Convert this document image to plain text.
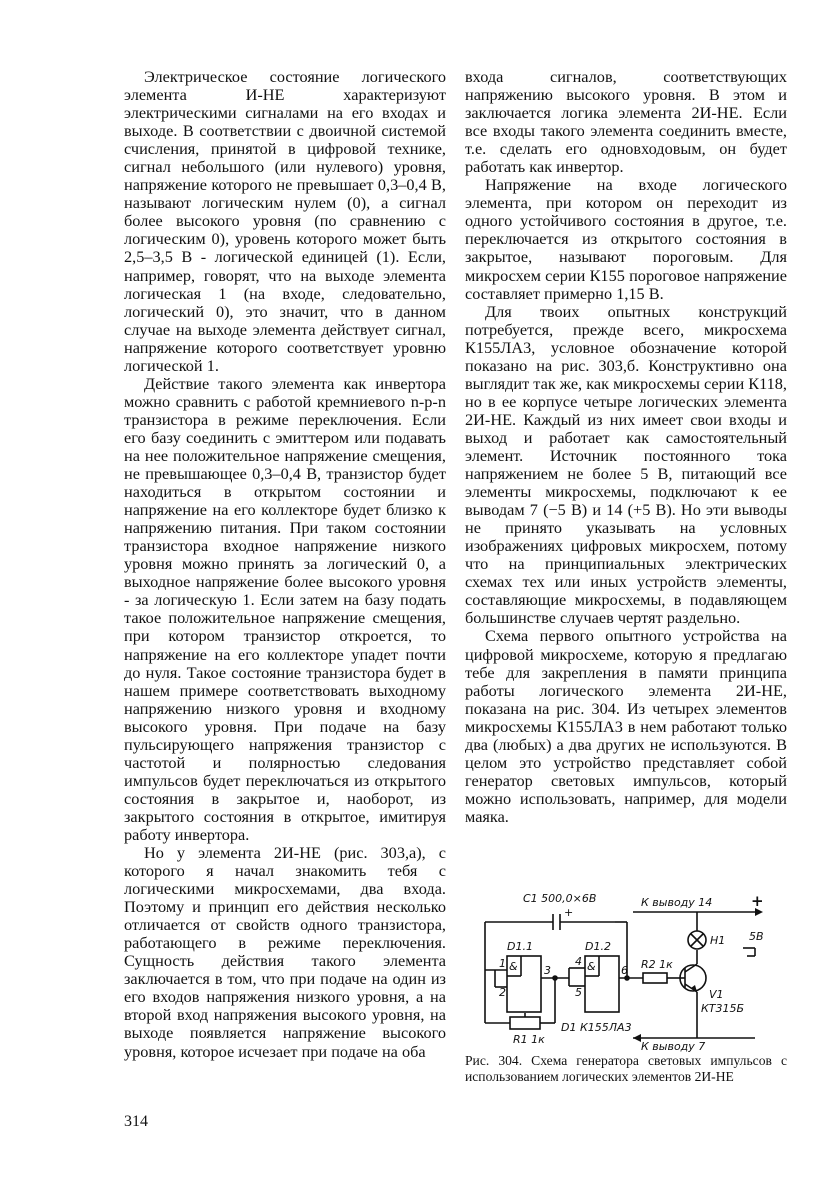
Электрическое состояние логического элемента И-НЕ характеризуют электрическими сигналами на его входах и выходе. В соответствии с двоичной системой счисления, принятой в цифровой технике, сигнал небольшого (или нулевого) уровня, напряжение которого не превышает 0,3–0,4 В, называют логическим нулем (0), а сигнал более высокого уровня (по сравнению с логическим 0), уровень которого может быть 2,5–3,5 В - логической единицей (1). Если, например, говорят, что на выходе элемента логическая 1 (на входе, следовательно, логический 0), это значит, что в данном случае на выходе элемента действует сигнал, напряжение которого соответствует уровню логической 1.

Действие такого элемента как инвертора можно сравнить с работой кремниевого n-p-n транзистора в режиме переключения. Если его базу соединить с эмиттером или подавать на нее положительное напряжение смещения, не превышающее 0,3–0,4 В, транзистор будет находиться в открытом состоянии и напряжение на его коллекторе будет близко к напряжению питания. При таком состоянии транзистора входное напряжение низкого уровня можно принять за логический 0, а выходное напряжение более высокого уровня - за логическую 1. Если затем на базу подать такое положительное напряжение смещения, при котором транзистор откроется, то напряжение на его коллекторе упадет почти до нуля. Такое состояние транзистора будет в нашем примере соответствовать выходному напряжению низкого уровня и входному высокого уровня. При подаче на базу пульсирующего напряжения транзистор с частотой и полярностью следования импульсов будет переключаться из открытого состояния в закрытое и, наоборот, из закрытого состояния в открытое, имитируя работу инвертора.

Но у элемента 2И-НЕ (рис. 303,а), с которого я начал знакомить тебя с логическими микросхемами, два входа. Поэтому и принцип его действия несколько отличается от свойств одного транзистора, работающего в режиме переключения. Сущность действия такого элемента заключается в том, что при подаче на один из его входов напряжения низкого уровня, а на второй вход напряжения высокого уровня, на выходе появляется напряжение высокого уровня, которое исчезает при подаче на оба

входа сигналов, соответствующих напряжению высокого уровня. В этом и заключается логика элемента 2И-НЕ. Если все входы такого элемента соединить вместе, т.е. сделать его одновходовым, он будет работать как инвертор.

Напряжение на входе логического элемента, при котором он переходит из одного устойчивого состояния в другое, т.е. переключается из открытого состояния в закрытое, называют пороговым. Для микросхем серии К155 пороговое напряжение составляет примерно 1,15 В.

Для твоих опытных конструкций потребуется, прежде всего, микросхема К155ЛА3, условное обозначение которой показано на рис. 303,б. Конструктивно она выглядит так же, как микросхемы серии К118, но в ее корпусе четыре логических элемента 2И-НЕ. Каждый из них имеет свои входы и выход и работает как самостоятельный элемент. Источник постоянного тока напряжением не более 5 В, питающий все элементы микросхемы, подключают к ее выводам 7 (−5 В) и 14 (+5 В). Но эти выводы не принято указывать на условных изображениях цифровых микросхем, потому что на принципиальных электрических схемах тех или иных устройств элементы, составляющие микросхемы, в подавляющем большинстве случаев чертят раздельно.

Схема первого опытного устройства на цифровой микросхеме, которую я предлагаю тебе для закрепления в памяти принципа работы логического элемента 2И-НЕ, показана на рис. 304. Из четырех элементов микросхемы К155ЛА3 в нем работают только два (любых) а два других не используются. В целом это устройство представляет собой генератор световых импульсов, который можно использовать, например, для модели маяка.

C1 500,0×6В
+
К выводу 14	+
5В
Н1
D1.1	D1.2
&	&
1
2
3
4
5
6 R2 1к
V1
КТ315Б
R1 1к
D1 К155ЛА3
К выводу 7
Рис. 304. Схема генератора световых импульсов с использованием логических элементов 2И-НЕ
314
